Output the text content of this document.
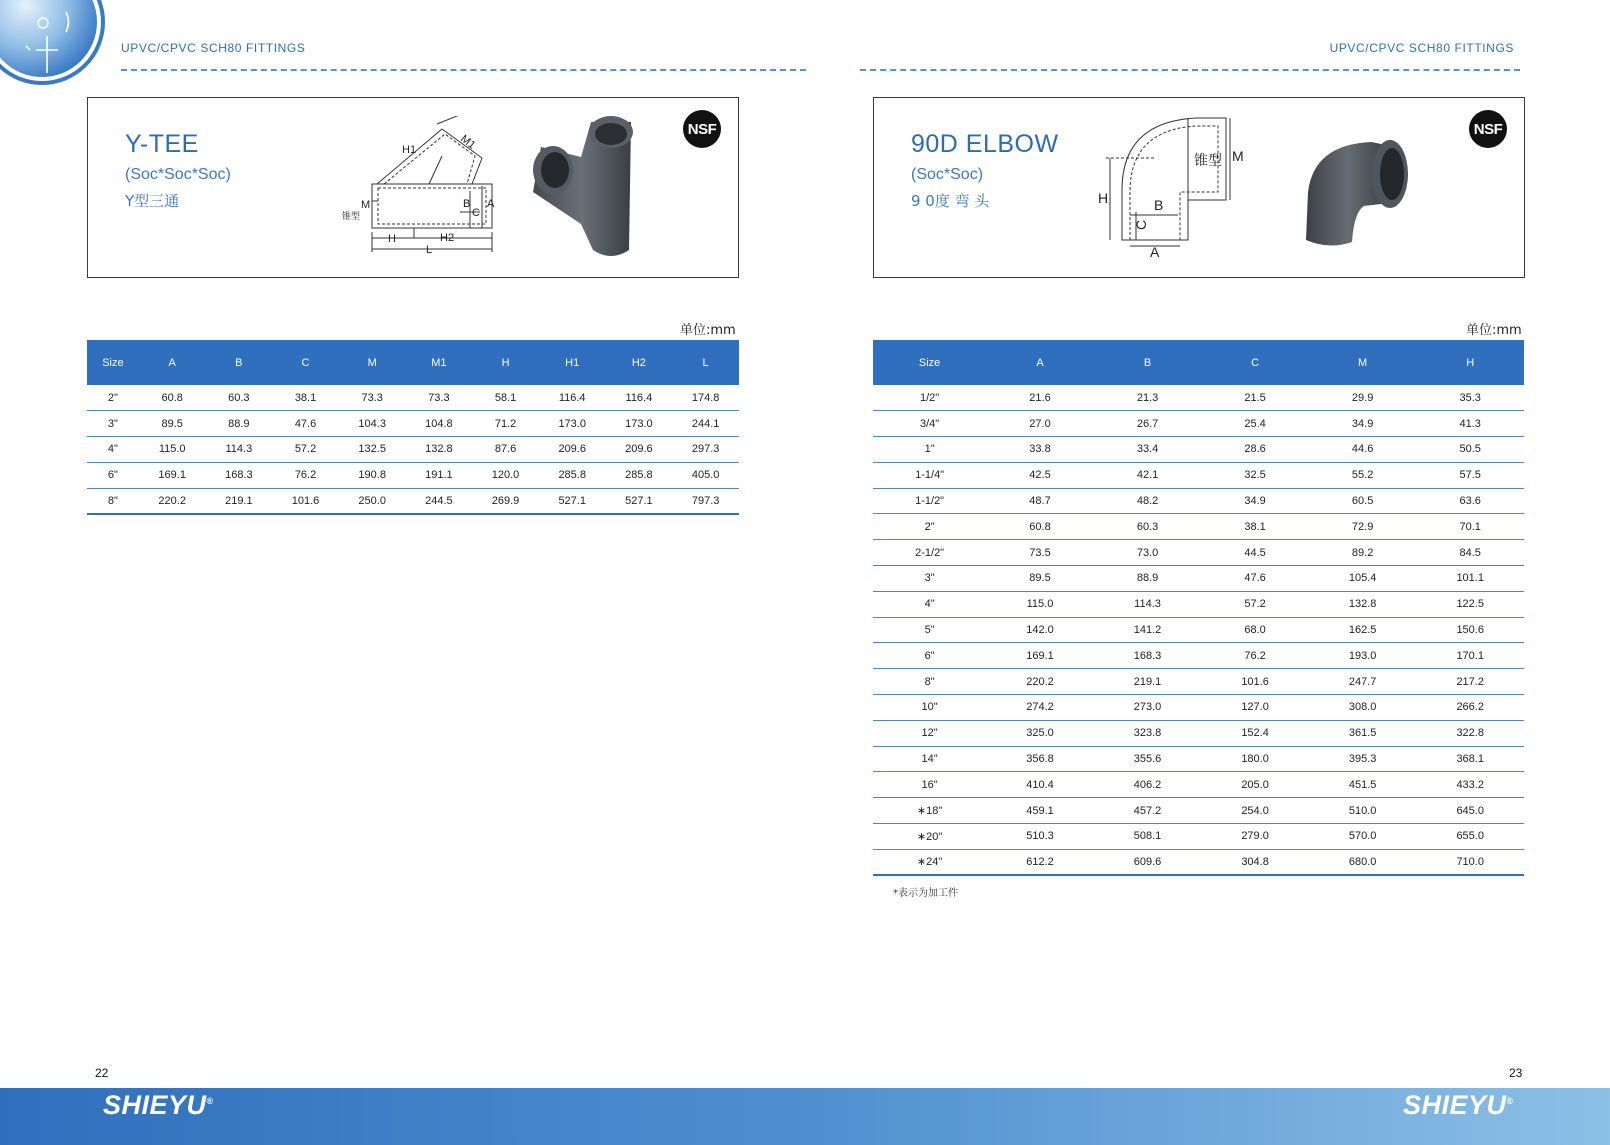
UPVC/CPVC SCH80 FITTINGS	UPVC/CPVC SCH80 FITTINGS
Y-TEE
(Soc*Soc*Soc)
Y型三通
H1	M1
M	B A
C
H	H2
L
锥型
NSF
90D ELBOW
(Soc*Soc)
9 0度 弯 头
M
锥型
H	B
C
A
NSF
单位:mm	单位:mm
Size	A	B	C	M	M1	H	H1	H2	L
2"	60.8	60.3	38.1	73.3	73.3	58.1	116.4	116.4	174.8
3"	89.5	88.9	47.6	104.3	104.8	71.2	173.0	173.0	244.1
4"	115.0	114.3	57.2	132.5	132.8	87.6	209.6	209.6	297.3
6"	169.1	168.3	76.2	190.8	191.1	120.0	285.8	285.8	405.0
8"	220.2	219.1	101.6	250.0	244.5	269.9	527.1	527.1	797.3
Size	A	B	C	M	H
1/2"	21.6	21.3	21.5	29.9	35.3
3/4"	27.0	26.7	25.4	34.9	41.3
1"	33.8	33.4	28.6	44.6	50.5
1-1/4"	42.5	42.1	32.5	55.2	57.5
1-1/2"	48.7	48.2	34.9	60.5	63.6
2"	60.8	60.3	38.1	72.9	70.1
2-1/2"	73.5	73.0	44.5	89.2	84.5
3"	89.5	88.9	47.6	105.4	101.1
4"	115.0	114.3	57.2	132.8	122.5
5"	142.0	141.2	68.0	162.5	150.6
6"	169.1	168.3	76.2	193.0	170.1
8"	220.2	219.1	101.6	247.7	217.2
10"	274.2	273.0	127.0	308.0	266.2
12"	325.0	323.8	152.4	361.5	322.8
14"	356.8	355.6	180.0	395.3	368.1
16"	410.4	406.2	205.0	451.5	433.2
∗18"	459.1	457.2	254.0	510.0	645.0
∗20"	510.3	508.1	279.0	570.0	655.0
∗24"	612.2	609.6	304.8	680.0	710.0
*表示为加工件
22	23
SHIEYU®	SHIEYU®
